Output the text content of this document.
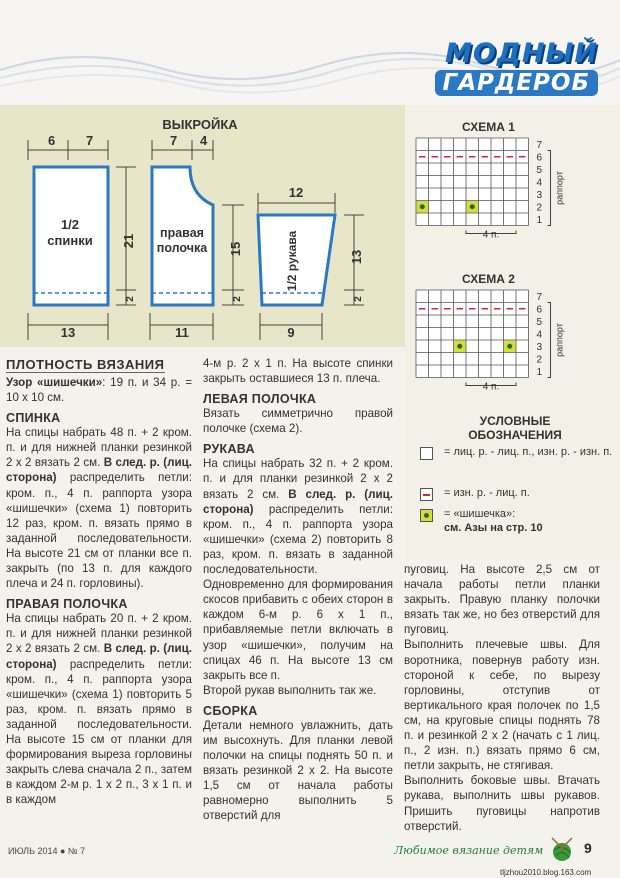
МОДНЫЙ
ГАРДЕРОБ
ВЫКРОЙКА
6 7
1/2
спинки 21
2
13
7 4
правая
полочка 15
2
11
12
1/2 рукава	13
2
9
СХЕМА 1
7
6
5
4
3
2
1
раппорт
4 п.
СХЕМА 2
7
6
5
4
3
2
1
раппорт
4 п.
УСЛОВНЫЕ
ОБОЗНАЧЕНИЯ
= лиц. р. - лиц. п., изн. р. - изн. п.
= изн. р. - лиц. п.
= «шишечка»:
см. Азы на стр. 10
ПЛОТНОСТЬ ВЯЗАНИЯ
Узор «шишечки»: 19 п. и 34 р. = 10 х 10 см.
СПИНКА
На спицы набрать 48 п. + 2 кром. п. и для нижней планки резинкой 2 х 2 вязать 2 см. В след. р. (лиц. сторона) распределить петли: кром. п., 4 п. раппорта узора «шишечки» (схема 1) повторить 12 раз, кром. п. вязать прямо в заданной последовательности. На высоте 21 см от планки все п. закрыть (по 13 п. для каждого плеча и 24 п. горловины).
ПРАВАЯ ПОЛОЧКА
На спицы набрать 20 п. + 2 кром. п. и для нижней планки резинкой 2 х 2 вязать 2 см. В след. р. (лиц. сторона) распределить петли: кром. п., 4 п. раппорта узора «шишечки» (схема 1) повторить 5 раз, кром. п. вязать прямо в заданной последовательности. На высоте 15 см от планки для формирования выреза горловины закрыть слева сначала 2 п., затем в каждом 2-м р. 1 х 2 п., 3 х 1 п. и в каждом
4-м р. 2 х 1 п. На высоте спинки закрыть оставшиеся 13 п. плеча.
ЛЕВАЯ ПОЛОЧКА
Вязать симметрично правой полочке (схема 2).
РУКАВА
На спицы набрать 32 п. + 2 кром. п. и для планки резинкой 2 х 2 вязать 2 см. В след. р. (лиц. сторона) распределить петли: кром. п., 4 п. раппорта узора «шишечки» (схема 2) повторить 8 раз, кром. п. вязать в заданной последовательности. Одновременно для формирования скосов прибавить с обеих сторон в каждом 6-м р. 6 х 1 п., прибавляемые петли включать в узор «шишечки», получим на спицах 46 п. На высоте 13 см закрыть все п.
Второй рукав выполнить так же.
СБОРКА
Детали немного увлажнить, дать им высохнуть. Для планки левой полочки на спицы поднять 50 п. и вязать резинкой 2 х 2. На высоте 1,5 см от начала работы равномерно выполнить 5 отверстий для
пуговиц. На высоте 2,5 см от начала работы петли планки закрыть. Правую планку полочки вязать так же, но без отверстий для пуговиц.
Выполнить плечевые швы. Для воротника, повернув работу изн. стороной к себе, по вырезу горловины, отступив от вертикального края полочек по 1,5 см, на круговые спицы поднять 78 п. и резинкой 2 х 2 (начать с 1 лиц. п., 2 изн. п.) вязать прямо 6 см, петли закрыть, не стягивая.
Выполнить боковые швы. Втачать рукава, выполнить швы рукавов. Пришить пуговицы напротив отверстий.
ИЮЛЬ 2014 ● № 7	Любимое вязание детям	9
tljzhou2010.blog.163.com
